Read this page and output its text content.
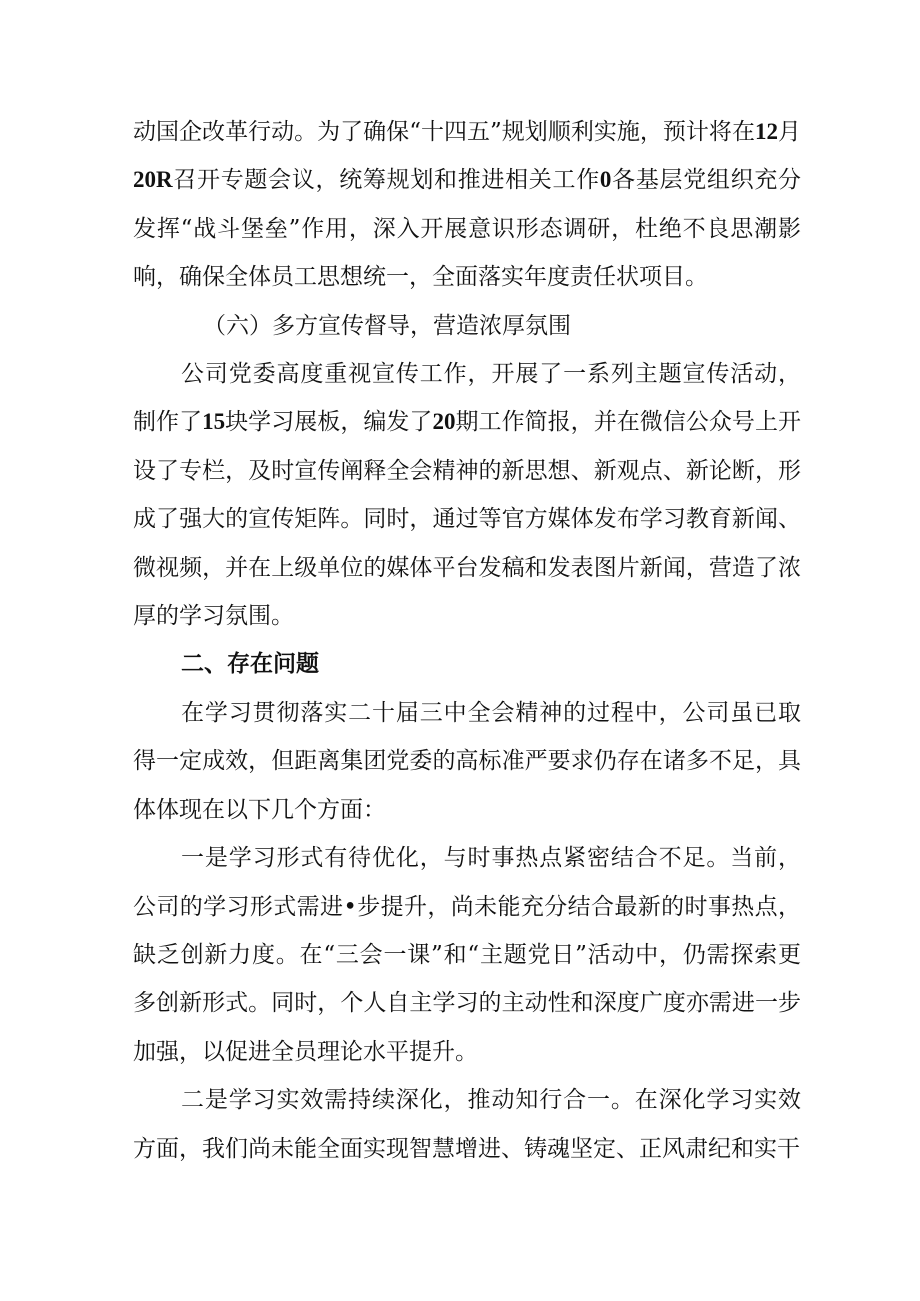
动国企改革行动。为了确保“十四五”规划顺利实施，预计将在12月20R召开专题会议，统筹规划和推进相关工作0各基层党组织充分发挥“战斗堡垒”作用，深入开展意识形态调研，杜绝不良思潮影响，确保全体员工思想统一，全面落实年度责任状项目。

（六）多方宣传督导，营造浓厚氛围

公司党委高度重视宣传工作，开展了一系列主题宣传活动，制作了15块学习展板，编发了20期工作简报，并在微信公众号上开设了专栏，及时宣传阐释全会精神的新思想、新观点、新论断，形成了强大的宣传矩阵。同时，通过等官方媒体发布学习教育新闻、微视频，并在上级单位的媒体平台发稿和发表图片新闻，营造了浓厚的学习氛围。

二、存在问题

在学习贯彻落实二十届三中全会精神的过程中，公司虽已取得一定成效，但距离集团党委的高标准严要求仍存在诸多不足，具体体现在以下几个方面：

一是学习形式有待优化，与时事热点紧密结合不足。当前，公司的学习形式需进•步提升，尚未能充分结合最新的时事热点，缺乏创新力度。在“三会一课”和“主题党日”活动中，仍需探索更多创新形式。同时，个人自主学习的主动性和深度广度亦需进一步加强，以促进全员理论水平提升。

二是学习实效需持续深化，推动知行合一。在深化学习实效方面，我们尚未能全面实现智慧增进、铸魂坚定、正风肃纪和实干
